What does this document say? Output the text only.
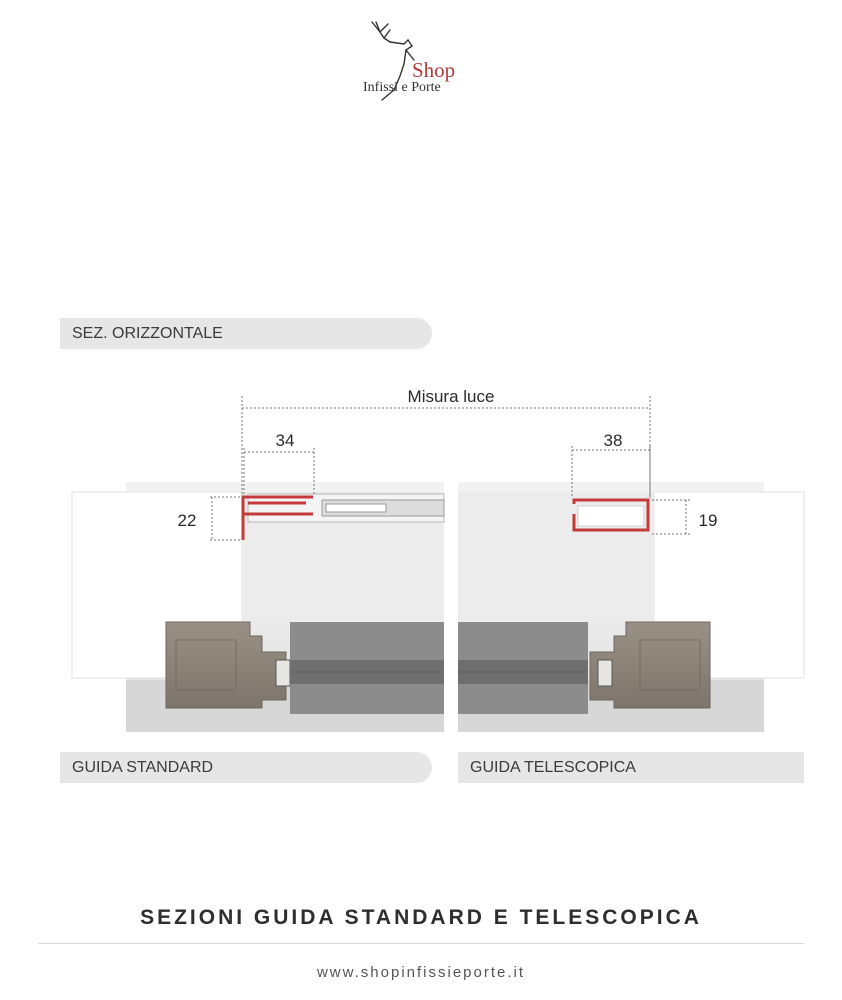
Shop
Infissi e Porte
SEZ. ORIZZONTALE
GUIDA STANDARD	GUIDA TELESCOPICA
Misura luce
34
22
38
19
SEZIONI GUIDA STANDARD E TELESCOPICA
www.shopinfissieporte.it
